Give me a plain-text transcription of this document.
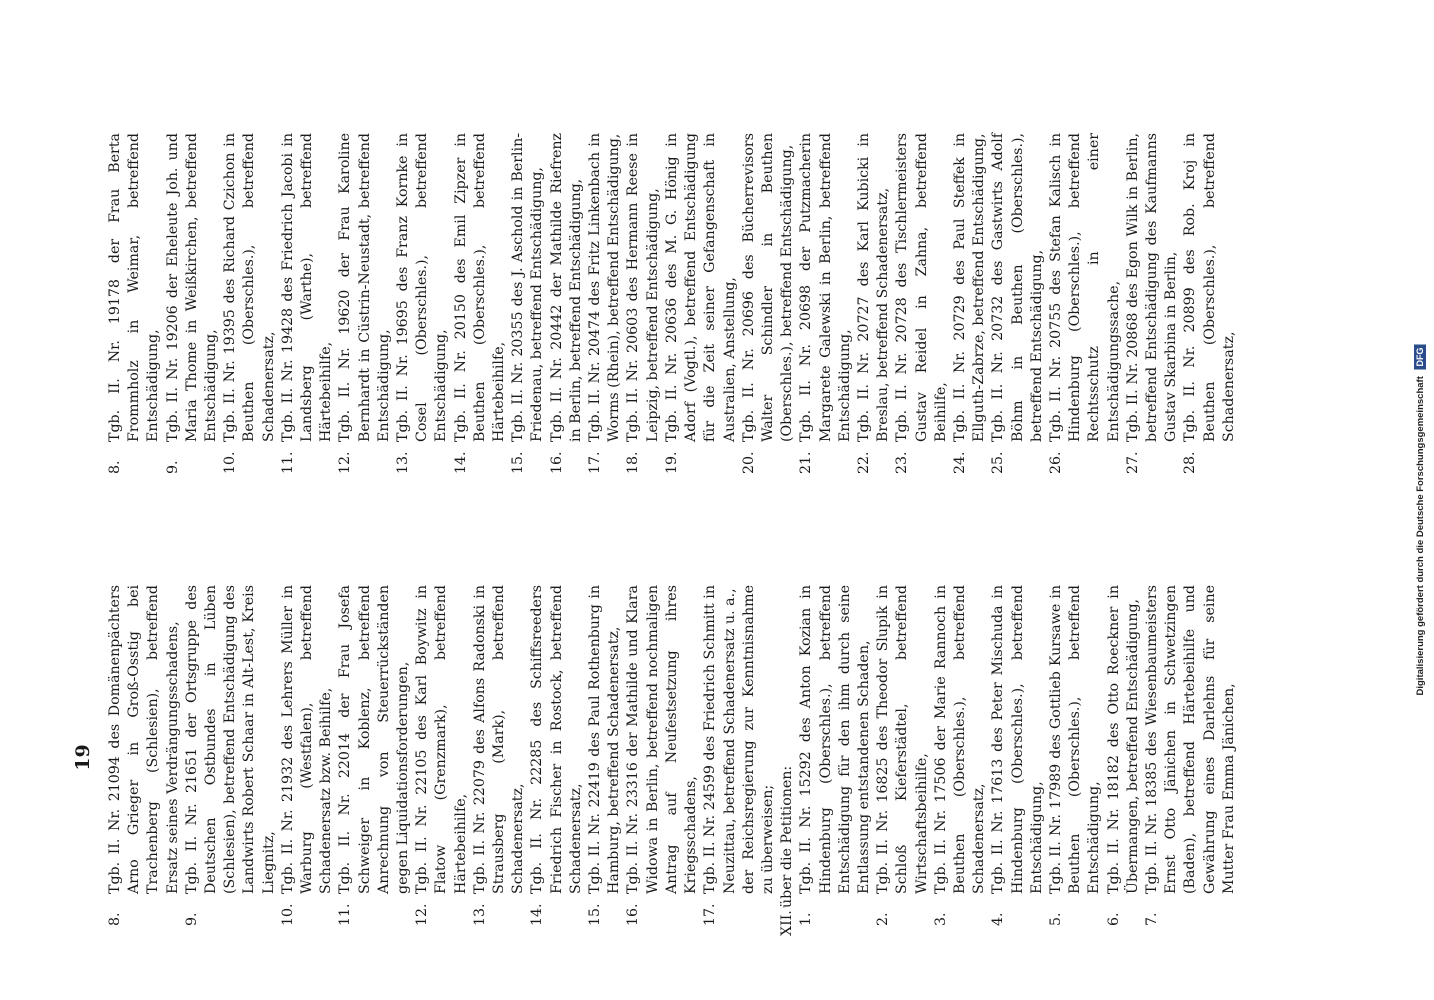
19

8.
Tgb. II. Nr. 21094 des Domänenpächters Arno Grieger in Groß-Osstig bei Trachenberg (Schlesien), betreffend Ersatz seines Verdrängungsschadens,

9.
Tgb. II. Nr. 21651 der Ortsgruppe des Deutschen Ostbundes in Lüben (Schlesien), betreffend Entschädigung des Landwirts Robert Schaar in Alt-Lest, Kreis Liegnitz,

10.
Tgb. II. Nr. 21932 des Lehrers Müller in Warburg (Westfalen), betreffend Schadenersatz bzw. Beihilfe,

11.
Tgb. II. Nr. 22014 der Frau Josefa Schweiger in Koblenz, betreffend Anrechnung von Steuerrückständen gegen Liquidationsforderungen,

12.
Tgb. II. Nr. 22105 des Karl Boywitz in Flatow (Grenzmark), betreffend Härtebeihilfe,

13.
Tgb. II. Nr. 22079 des Alfons Radonski in Strausberg (Mark), betreffend Schadenersatz,

14.
Tgb. II. Nr. 22285 des Schiffsreeders Friedrich Fischer in Rostock, betreffend Schadenersatz,

15.
Tgb. II. Nr. 22419 des Paul Rothenburg in Hamburg, betreffend Schadenersatz,

16.
Tgb. II. Nr. 23316 der Mathilde und Klara Widowa in Berlin, betreffend nochmaligen Antrag auf Neufestsetzung ihres Kriegsschadens,

17.
Tgb. II. Nr. 24599 des Friedrich Schmitt in Neuzittau, betreffend Schadenersatz u. a., der Reichsregierung zur Kenntnisnahme zu überweisen;

XII.
über die Petitionen:

1.
Tgb. II. Nr. 15292 des Anton Kozian in Hindenburg (Oberschles.), betreffend Entschädigung für den ihm durch seine Entlassung entstandenen Schaden,

2.
Tgb. II. Nr. 16825 des Theodor Slupik in Schloß Kieferstädtel, betreffend Wirtschaftsbeihilfe,

3.
Tgb. II. Nr. 17506 der Marie Rannoch in Beuthen (Oberschles.), betreffend Schadenersatz,

4.
Tgb. II. Nr. 17613 des Peter Mischuda in Hindenburg (Oberschles.), betreffend Entschädigung,

5.
Tgb. II. Nr. 17989 des Gottlieb Kursawe in Beuthen (Oberschles.), betreffend Entschädigung,

6.
Tgb. II. Nr. 18182 des Otto Roeckner in Übermangen, betreffend Entschädigung,

7.
Tgb. II. Nr. 18385 des Wiesenbaumeisters Ernst Otto Jänichen in Schwetzingen (Baden), betreffend Härtebeihilfe und Gewährung eines Darlehns für seine Mutter Frau Emma Jänichen,

8.
Tgb. II. Nr. 19178 der Frau Berta Frommholz in Weimar, betreffend Entschädigung,

9.
Tgb. II. Nr. 19206 der Eheleute Joh. und Maria Thome in Weißkirchen, betreffend Entschädigung,

10.
Tgb. II. Nr. 19395 des Richard Czichon in Beuthen (Oberschles.), betreffend Schadenersatz,

11.
Tgb. II. Nr. 19428 des Friedrich Jacobi in Landsberg (Warthe), betreffend Härtebeihilfe,

12.
Tgb. II. Nr. 19620 der Frau Karoline Bernhardt in Cüstrin-Neustadt, betreffend Entschädigung,

13.
Tgb. II. Nr. 19695 des Franz Kornke in Cosel (Oberschles.), betreffend Entschädigung,

14.
Tgb. II. Nr. 20150 des Emil Zipzer in Beuthen (Oberschles.), betreffend Härtebeihilfe,

15.
Tgb. II. Nr. 20355 des J. Aschold in Berlin-Friedenau, betreffend Entschädigung,

16.
Tgb. II. Nr. 20442 der Mathilde Riefrenz in Berlin, betreffend Entschädigung,

17.
Tgb. II. Nr. 20474 des Fritz Linkenbach in Worms (Rhein), betreffend Entschädigung,

18.
Tgb. II. Nr. 20603 des Hermann Reese in Leipzig, betreffend Entschädigung,

19.
Tgb. II. Nr. 20636 des M. G. Hönig in Adorf (Vogtl.), betreffend Entschädigung für die Zeit seiner Gefangenschaft in Australien, Anstellung,

20.
Tgb. II. Nr. 20696 des Bücherrevisors Walter Schindler in Beuthen (Oberschles.), betreffend Entschädigung,

21.
Tgb. II. Nr. 20698 der Putzmacherin Margarete Galewski in Berlin, betreffend Entschädigung,

22.
Tgb. II. Nr. 20727 des Karl Kubicki in Breslau, betreffend Schadenersatz,

23.
Tgb. II. Nr. 20728 des Tischlermeisters Gustav Reidel in Zahna, betreffend Beihilfe,

24.
Tgb. II. Nr. 20729 des Paul Steffek in Ellguth-Zabrze, betreffend Entschädigung,

25.
Tgb. II. Nr. 20732 des Gastwirts Adolf Böhm in Beuthen (Oberschles.), betreffend Entschädigung,

26.
Tgb. II. Nr. 20755 des Stefan Kalisch in Hindenburg (Oberschles.), betreffend Rechtsschutz in einer Entschädigungssache,

27.
Tgb. II. Nr. 20868 des Egon Wilk in Berlin, betreffend Entschädigung des Kaufmanns Gustav Skarbina in Berlin,

28.
Tgb. II. Nr. 20899 des Rob. Kroj in Beuthen (Oberschles.), betreffend Schadenersatz,	Digitalisierung gefördert durch die Deutsche Forschungsgemeinschaft DFG
